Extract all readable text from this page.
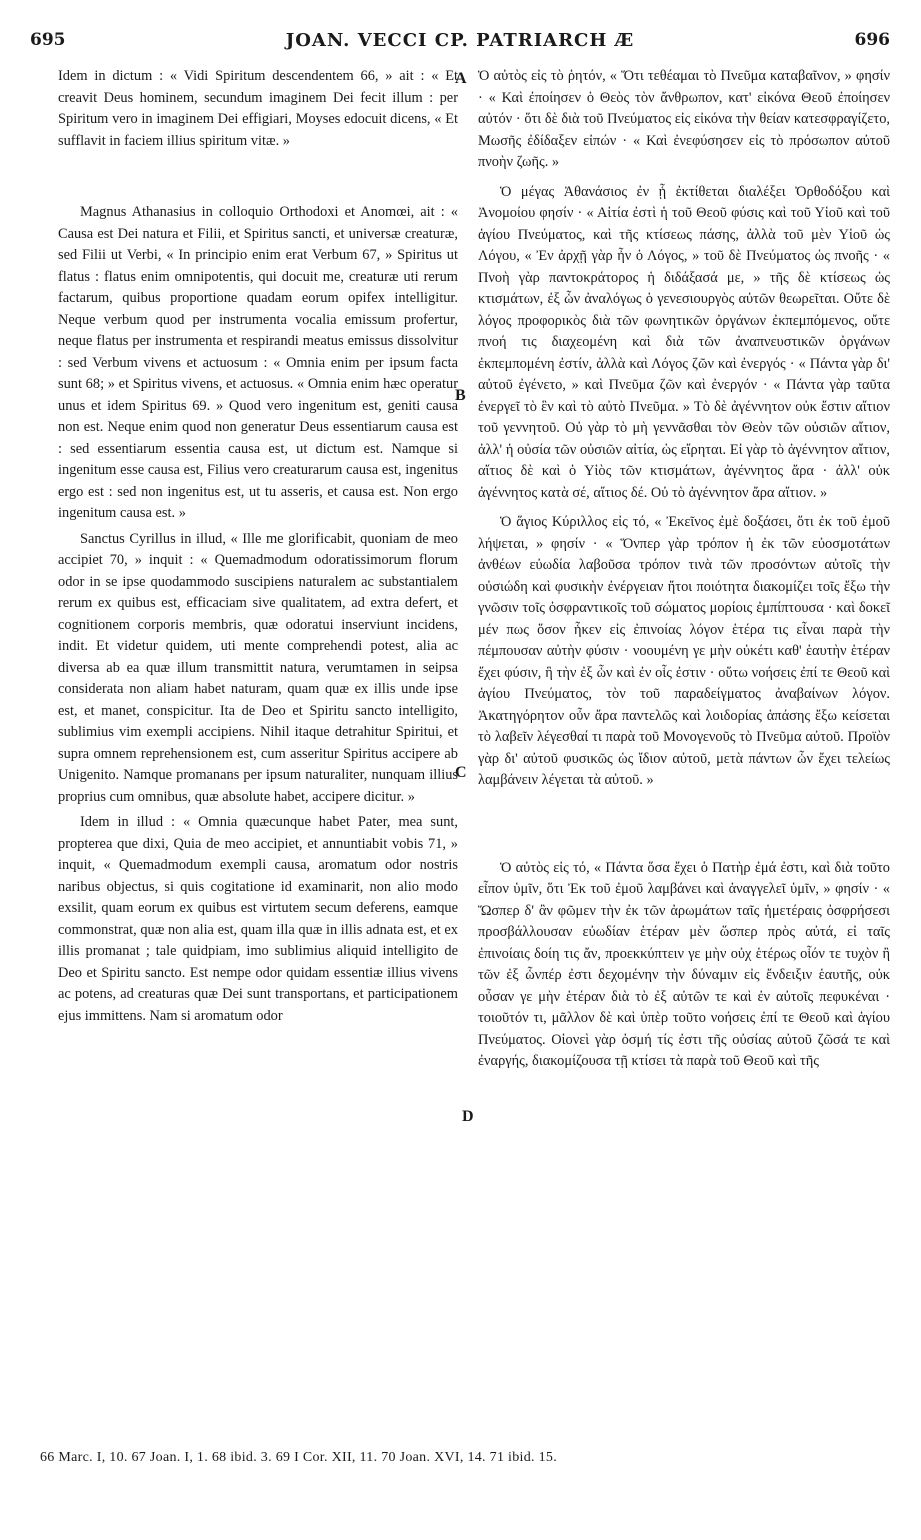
695	JOAN. VECCI CP. PATRIARCH Æ	696

Idem in dictum : « Vidi Spiritum descendentem 66, » ait : « Et creavit Deus hominem, secundum imaginem Dei fecit illum : per Spiritum vero in imaginem Dei effigiari, Moyses edocuit dicens, « Et sufflavit in faciem illius spiritum vitæ. »

Magnus Athanasius in colloquio Orthodoxi et Anomœi, ait : « Causa est Dei natura et Filii, et Spiritus sancti, et universæ creaturæ, sed Filii ut Verbi, « In principio enim erat Verbum 67, » Spiritus ut flatus : flatus enim omnipotentis, qui docuit me, creaturæ uti rerum factarum, quibus proportione quadam eorum opifex intelligitur. Neque verbum quod per instrumenta vocalia emissum profertur, neque flatus per instrumenta et respirandi meatus emissus dissolvitur : sed Verbum vivens et actuosum : « Omnia enim per ipsum facta sunt 68; » et Spiritus vivens, et actuosus. « Omnia enim hæc operatur unus et idem Spiritus 69. » Quod vero ingenitum est, geniti causa non est. Neque enim quod non generatur Deus essentiarum causa est : sed essentiarum essentia causa est, ut dictum est. Namque si ingenitum esse causa est, Filius vero creaturarum causa est, ingenitus ergo est : sed non ingenitus est, ut tu asseris, et causa est. Non ergo ingenitum causa est. »

Sanctus Cyrillus in illud, « Ille me glorificabit, quoniam de meo accipiet 70, » inquit : « Quemadmodum odoratissimorum florum odor in se ipse quodammodo suscipiens naturalem ac substantialem rerum ex quibus est, efficaciam sive qualitatem, ad extra defert, et cognitionem corporis membris, quæ odoratui inserviunt incidens, indit. Et videtur quidem, uti mente comprehendi potest, alia ac diversa ab ea quæ illum transmittit natura, verumtamen in seipsa considerata non aliam habet naturam, quam quæ ex illis unde ipse est, et manet, conspicitur. Ita de Deo et Spiritu sancto intelligito, sublimius vim exempli accipiens. Nihil itaque detrahitur Spiritui, et supra omnem reprehensionem est, cum asseritur Spiritus accipere ab Unigenito. Namque promanans per ipsum naturaliter, nunquam illius proprius cum omnibus, quæ absolute habet, accipere dicitur. »

Idem in illud : « Omnia quæcunque habet Pater, mea sunt, propterea que dixi, Quia de meo accipiet, et annuntiabit vobis 71, » inquit, « Quemadmodum exempli causa, aromatum odor nostris naribus objectus, si quis cogitatione id examinarit, non alio modo exsilit, quam eorum ex quibus est virtutem secum deferens, eamque commonstrat, quæ non alia est, quam illa quæ in illis adnata est, et ex illis promanat ; tale quidpiam, imo sublimius aliquid intelligito de Deo et Spiritu sancto. Est nempe odor quidam essentiæ illius vivens ac potens, ad creaturas quæ Dei sunt transportans, et participationem ejus immittens. Nam si aromatum odor

A
B
C
D

Ὁ αὐτὸς εἰς τὸ ῥητόν, « Ὅτι τεθέαμαι τὸ Πνεῦμα καταβαῖνον, » φησίν · « Καὶ ἐποίησεν ὁ Θεὸς τὸν ἄνθρωπον, κατ' εἰκόνα Θεοῦ ἐποίησεν αὐτόν · ὅτι δὲ διὰ τοῦ Πνεύματος εἰς εἰκόνα τὴν θείαν κατεσφραγίζετο, Μωσῆς ἐδίδαξεν εἰπών · « Καὶ ἐνεφύσησεν εἰς τὸ πρόσωπον αὐτοῦ πνοὴν ζωῆς. »

Ὁ μέγας Ἀθανάσιος ἐν ᾗ ἐκτίθεται διαλέξει Ὀρθοδόξου καὶ Ἀνομοίου φησίν · « Αἰτία ἐστὶ ἡ τοῦ Θεοῦ φύσις καὶ τοῦ Υἱοῦ καὶ τοῦ ἁγίου Πνεύματος, καὶ τῆς κτίσεως πάσης, ἀλλὰ τοῦ μὲν Υἱοῦ ὡς Λόγου, « Ἐν ἀρχῇ γὰρ ἦν ὁ Λόγος, » τοῦ δὲ Πνεύματος ὡς πνοῆς · « Πνοὴ γὰρ παντοκράτορος ἡ διδάξασά με, » τῆς δὲ κτίσεως ὡς κτισμάτων, ἐξ ὧν ἀναλόγως ὁ γενεσιουργὸς αὐτῶν θεωρεῖται. Οὔτε δὲ λόγος προφορικὸς διὰ τῶν φωνητικῶν ὀργάνων ἐκπεμπόμενος, οὔτε πνοή τις διαχεομένη καὶ διὰ τῶν ἀναπνευστικῶν ὀργάνων ἐκπεμπομένη ἐστίν, ἀλλὰ καὶ Λόγος ζῶν καὶ ἐνεργός · « Πάντα γὰρ δι' αὐτοῦ ἐγένετο, » καὶ Πνεῦμα ζῶν καὶ ἐνεργόν · « Πάντα γὰρ ταῦτα ἐνεργεῖ τὸ ἓν καὶ τὸ αὐτὸ Πνεῦμα. » Τὸ δὲ ἀγέννητον οὐκ ἔστιν αἴτιον τοῦ γεννητοῦ. Οὐ γὰρ τὸ μὴ γεννᾶσθαι τὸν Θεὸν τῶν οὐσιῶν αἴτιον, ἀλλ' ἡ οὐσία τῶν οὐσιῶν αἰτία, ὡς εἴρηται. Εἰ γὰρ τὸ ἀγέννητον αἴτιον, αἴτιος δὲ καὶ ὁ Υἱὸς τῶν κτισμάτων, ἀγέννητος ἄρα · ἀλλ' οὐκ ἀγέννητος κατὰ σέ, αἴτιος δέ. Οὐ τὸ ἀγέννητον ἄρα αἴτιον. »

Ὁ ἅγιος Κύριλλος εἰς τό, « Ἐκεῖνος ἐμὲ δοξάσει, ὅτι ἐκ τοῦ ἐμοῦ λήψεται, » φησίν · « Ὅνπερ γὰρ τρόπον ἡ ἐκ τῶν εὐοσμοτάτων ἀνθέων εὐωδία λαβοῦσα τρόπον τινὰ τῶν προσόντων αὐτοῖς τὴν οὐσιώδη καὶ φυσικὴν ἐνέργειαν ἤτοι ποιότητα διακομίζει τοῖς ἔξω τὴν γνῶσιν τοῖς ὀσφραντικοῖς τοῦ σώματος μορίοις ἐμπίπτουσα · καὶ δοκεῖ μέν πως ὅσον ἧκεν εἰς ἐπινοίας λόγον ἑτέρα τις εἶναι παρὰ τὴν πέμπουσαν αὐτὴν φύσιν · νοουμένη γε μὴν οὐκέτι καθ' ἑαυτὴν ἑτέραν ἔχει φύσιν, ἣ τὴν ἐξ ὧν καὶ ἐν οἷς ἐστιν · οὕτω νοήσεις ἐπί τε Θεοῦ καὶ ἁγίου Πνεύματος, τὸν τοῦ παραδείγματος ἀναβαίνων λόγον. Ἀκατηγόρητον οὖν ἄρα παντελῶς καὶ λοιδορίας ἁπάσης ἔξω κείσεται τὸ λαβεῖν λέγεσθαί τι παρὰ τοῦ Μονογενοῦς τὸ Πνεῦμα αὐτοῦ. Προϊὸν γὰρ δι' αὐτοῦ φυσικῶς ὡς ἴδιον αὐτοῦ, μετὰ πάντων ὧν ἔχει τελείως λαμβάνειν λέγεται τὰ αὐτοῦ. »

Ὁ αὐτὸς εἰς τό, « Πάντα ὅσα ἔχει ὁ Πατὴρ ἐμά ἐστι, καὶ διὰ τοῦτο εἶπον ὑμῖν, ὅτι Ἐκ τοῦ ἐμοῦ λαμβάνει καὶ ἀναγγελεῖ ὑμῖν, » φησίν · « Ὥσπερ δ' ἂν φῶμεν τὴν ἐκ τῶν ἀρωμάτων ταῖς ἡμετέραις ὀσφρήσεσι προσβάλλουσαν εὐωδίαν ἑτέραν μὲν ὥσπερ πρὸς αὐτά, εἰ ταῖς ἐπινοίαις δοίη τις ἄν, προεκκύπτειν γε μὴν οὐχ ἑτέρως οἷόν τε τυχὸν ἢ τῶν ἐξ ὧνπέρ ἐστι δεχομένην τὴν δύναμιν εἰς ἔνδειξιν ἑαυτῆς, οὐκ οὖσαν γε μὴν ἑτέραν διὰ τὸ ἐξ αὐτῶν τε καὶ ἐν αὐτοῖς πεφυκέναι · τοιοῦτόν τι, μᾶλλον δὲ καὶ ὑπὲρ τοῦτο νοήσεις ἐπί τε Θεοῦ καὶ ἁγίου Πνεύματος. Οἱονεὶ γὰρ ὀσμή τίς ἐστι τῆς οὐσίας αὐτοῦ ζῶσά τε καὶ ἐναργής, διακομίζουσα τῇ κτίσει τὰ παρὰ τοῦ Θεοῦ καὶ τῆς

66 Marc. I, 10. 67 Joan. I, 1. 68 ibid. 3. 69 I Cor. XII, 11. 70 Joan. XVI, 14. 71 ibid. 15.
